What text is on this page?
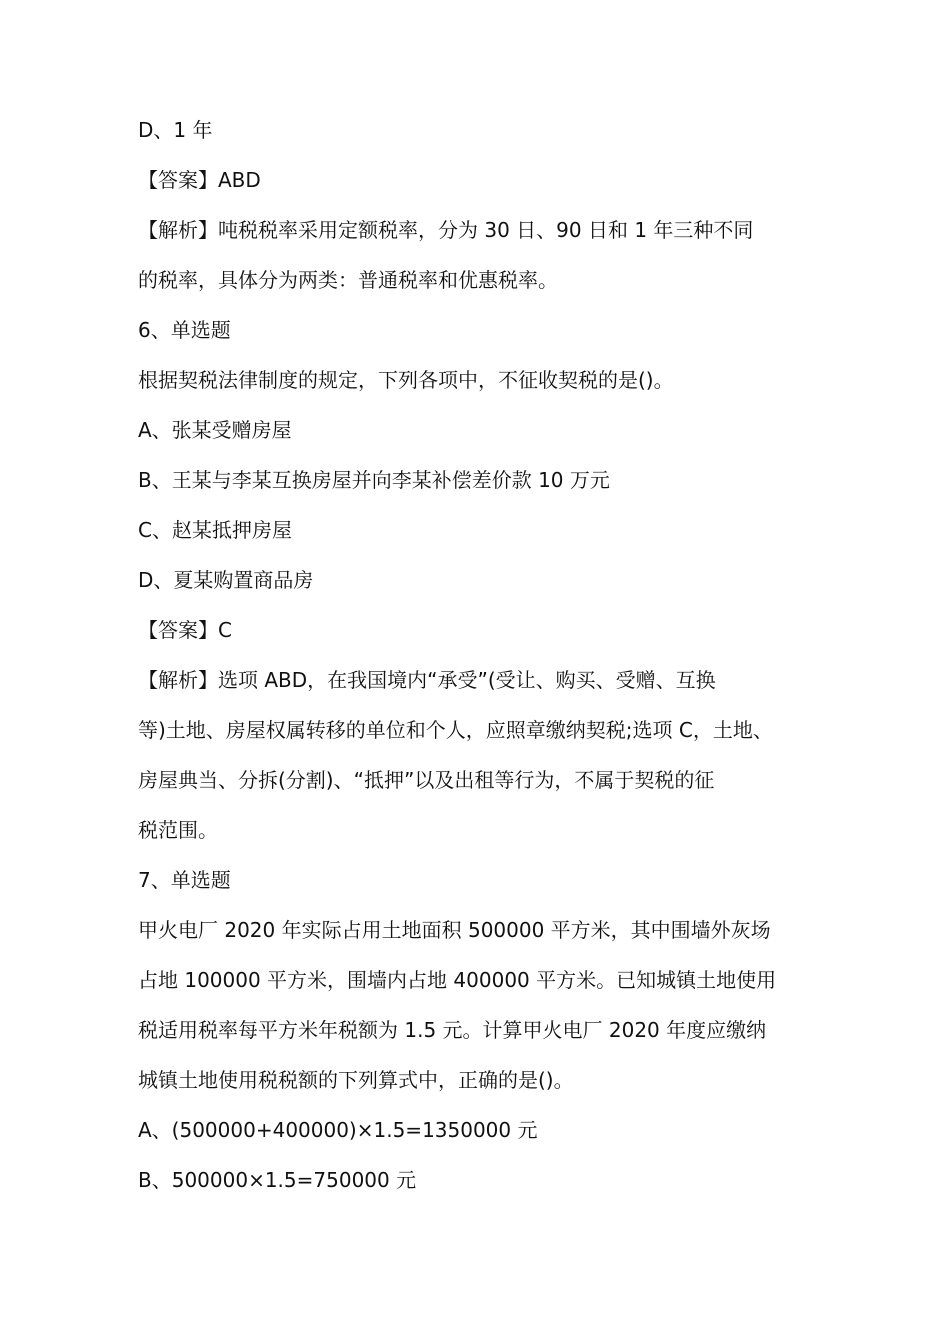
D、1 年
【答案】ABD
【解析】吨税税率采用定额税率，分为 30 日、90 日和 1 年三种不同
的税率，具体分为两类：普通税率和优惠税率。
6、单选题
根据契税法律制度的规定，下列各项中，不征收契税的是()。
A、张某受赠房屋
B、王某与李某互换房屋并向李某补偿差价款 10 万元
C、赵某抵押房屋
D、夏某购置商品房
【答案】C
【解析】选项 ABD，在我国境内“承受”(受让、购买、受赠、互换
等)土地、房屋权属转移的单位和个人，应照章缴纳契税;选项 C，土地、
房屋典当、分拆(分割)、“抵押”以及出租等行为，不属于契税的征
税范围。
7、单选题
甲火电厂 2020 年实际占用土地面积 500000 平方米，其中围墙外灰场
占地 100000 平方米，围墙内占地 400000 平方米。已知城镇土地使用
税适用税率每平方米年税额为 1.5 元。计算甲火电厂 2020 年度应缴纳
城镇土地使用税税额的下列算式中，正确的是()。
A、(500000+400000)×1.5=1350000 元
B、500000×1.5=750000 元
